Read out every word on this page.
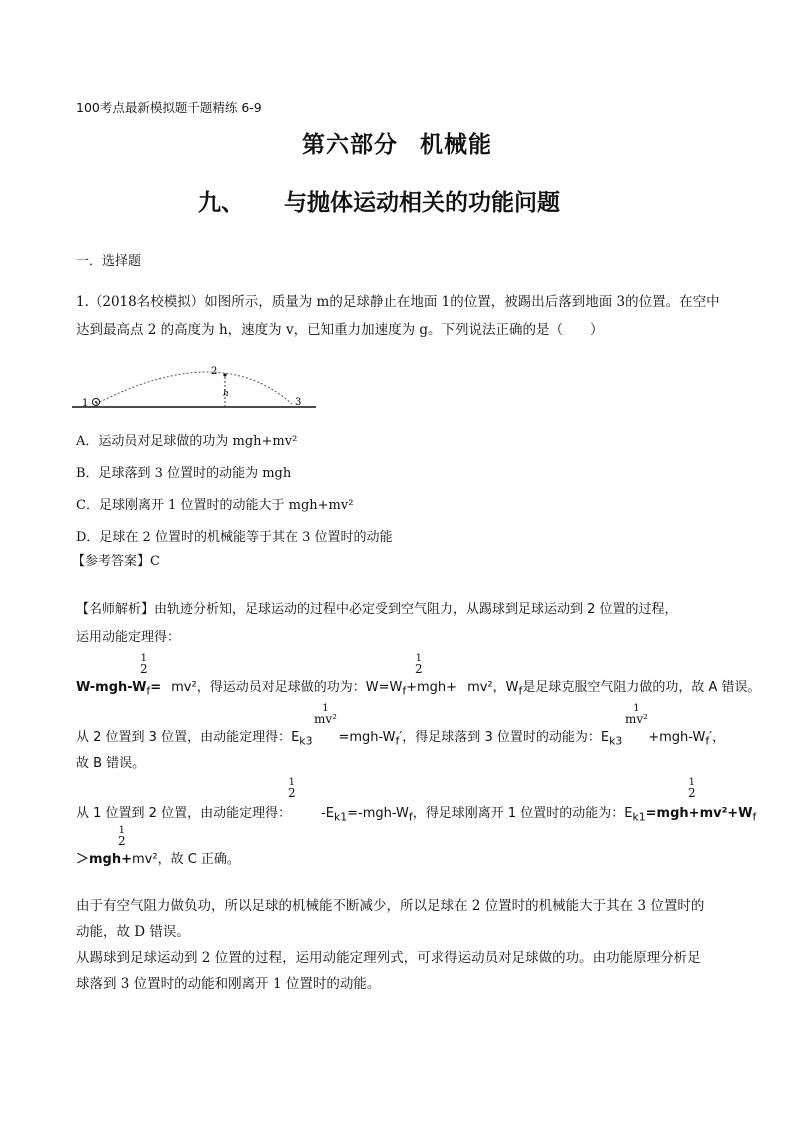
100考点最新模拟题千题精练 6-9
第六部分 机械能
九、 与抛体运动相关的功能问题
一．选择题
1.（2018名校模拟）如图所示，质量为 m的足球静止在地面 1的位置，被踢出后落到地面 3的位置。在空中
达到最高点 2 的高度为 h，速度为 v，已知重力加速度为 g。下列说法正确的是（　　）
1
2
3
h
A．运动员对足球做的功为 mgh+mv²
B．足球落到 3 位置时的动能为 mgh
C．足球刚离开 1 位置时的动能大于 mgh+mv²
D．足球在 2 位置时的机械能等于其在 3 位置时的动能
【参考答案】C
【名师解析】由轨迹分析知，足球运动的过程中必定受到空气阻力，从踢球到足球运动到 2 位置的过程，
运用动能定理得：
$W-mgh-W_f= mv^2$，得运动员对足球做的功为：$W=W_f+mgh+ mv^2$，$W_f$是足球克服空气阻力做的功，故 A 错误。
1
2
1
2
从 2 位置到 3 位置，由动能定理得：$E_{k3} =mgh-W_f'$，得足球落到 3 位置时的动能为：$E_{k3} +mgh-W_f'$，
1
mv²
1
mv²
故 B 错误。
从 1 位置到 2 位置，由动能定理得： $-E_{k1}=-mgh-W_f$，得足球刚离开 1 位置时的动能为：$E_{k1}=mgh+mv^2+W_f$
1
2
1
2
＞mgh+mv²，故 C 正确。
1
2
由于有空气阻力做负功，所以足球的机械能不断减少，所以足球在 2 位置时的机械能大于其在 3 位置时的
动能，故 D 错误。
从踢球到足球运动到 2 位置的过程，运用动能定理列式，可求得运动员对足球做的功。由功能原理分析足
球落到 3 位置时的动能和刚离开 1 位置时的动能。
